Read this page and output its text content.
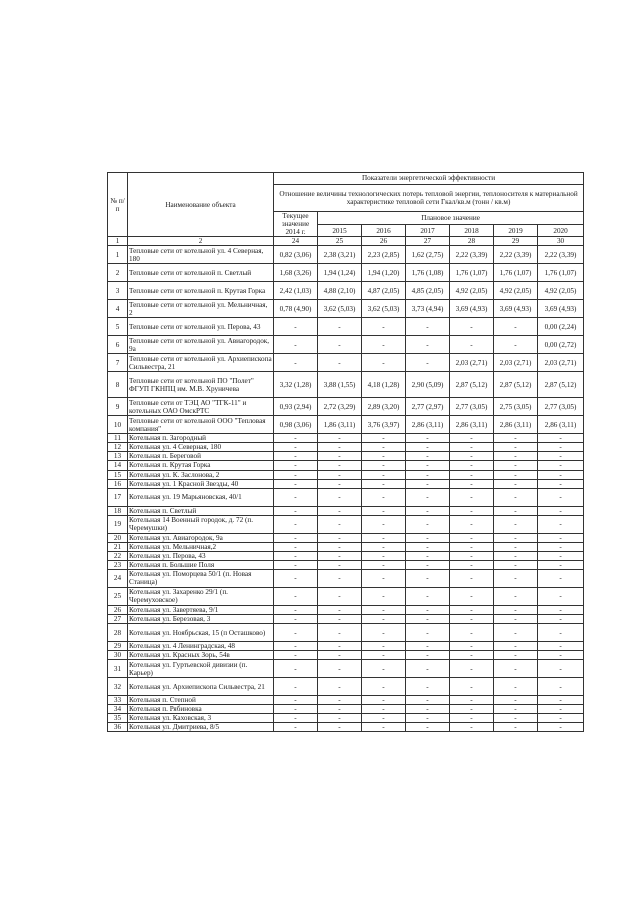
№ п/п	Наименование объекта	Показатели энергетической эффективности						
		Отношение величины технологических потерь тепловой энергии, теплоносителя к материальной характеристике тепловой сети Гкал/кв.м (тонн / кв.м)						
		Текущее значение 2014 г.	Плановое значение					
			2015	2016	2017	2018	2019	2020
1	2	24	25	26	27	28	29	30
1	Тепловые сети от котельной ул. 4 Северная, 180	0,82 (3,06)	2,38 (3,21)	2,23 (2,85)	1,62 (2,75)	2,22 (3,39)	2,22 (3,39)	2,22 (3,39)
2	Тепловые сети от котельной п. Светлый	1,68 (3,26)	1,94 (1,24)	1,94 (1,20)	1,76 (1,08)	1,76 (1,07)	1,76 (1,07)	1,76 (1,07)
3	Тепловые сети от котельной п. Крутая Горка	2,42 (1,03)	4,88 (2,10)	4,87 (2,05)	4,85 (2,05)	4,92 (2,05)	4,92 (2,05)	4,92 (2,05)
4	Тепловые сети от котельной ул. Мельничная, 2	0,78 (4,90)	3,62 (5,03)	3,62 (5,03)	3,73 (4,94)	3,69 (4,93)	3,69 (4,93)	3,69 (4,93)
5	Тепловые сети от котельной ул. Перова, 43	-	-	-	-	-	-	0,00 (2,24)
6	Тепловые сети от котельной ул. Авиагородок, 9а	-	-	-	-	-	-	0,00 (2,72)
7	Тепловые сети от котельной ул. Архиепископа Сильвестра, 21	-	-	-	-	2,03 (2,71)	2,03 (2,71)	2,03 (2,71)
8	Тепловые сети от котельной ПО "Полет" ФГУП ГКНПЦ им. М.В. Хруничева	3,32 (1,28)	3,88 (1,55)	4,18 (1,28)	2,90 (5,09)	2,87 (5,12)	2,87 (5,12)	2,87 (5,12)
9	Тепловые сети от ТЭЦ АО "ТГК-11" и котельных ОАО ОмскРТС	0,93 (2,94)	2,72 (3,29)	2,89 (3,20)	2,77 (2,97)	2,77 (3,05)	2,75 (3,05)	2,77 (3,05)
10	Тепловые сети от котельной ООО "Тепловая компания"	0,98 (3,06)	1,86 (3,11)	3,76 (3,97)	2,86 (3,11)	2,86 (3,11)	2,86 (3,11)	2,86 (3,11)
11	Котельная п. Загородный	-	-	-	-	-	-	-
12	Котельная ул. 4 Северная, 180	-	-	-	-	-	-	-
13	Котельная п. Береговой	-	-	-	-	-	-	-
14	Котельная п. Крутая Горка	-	-	-	-	-	-	-
15	Котельная ул. К. Заслонова, 2	-	-	-	-	-	-	-
16	Котельная ул. 1 Красной Звезды, 40	-	-	-	-	-	-	-
17	Котельная ул. 19 Марьяновская, 40/1	-	-	-	-	-	-	-
18	Котельная п. Светлый	-	-	-	-	-	-	-
19	Котельная 14 Военный городок, д. 72 (п. Черемушки)	-	-	-	-	-	-	-
20	Котельная ул. Авиагородок, 9а	-	-	-	-	-	-	-
21	Котельная ул. Мельничная,2	-	-	-	-	-	-	-
22	Котельная ул. Перова, 43	-	-	-	-	-	-	-
23	Котельная п. Большие Поля	-	-	-	-	-	-	-
24	Котельная ул. Поморцева 50/1 (п. Новая Станица)	-	-	-	-	-	-	-
25	Котельная ул. Захаренко 29/1 (п. Черемуховское)	-	-	-	-	-	-	-
26	Котельная ул. Завертяева, 9/1	-	-	-	-	-	-	-
27	Котельная ул. Березовая, 3	-	-	-	-	-	-	-
28	Котельная ул. Ноябрьская, 15 (п Осташково)	-	-	-	-	-	-	-
29	Котельная ул. 4 Ленинградская, 48	-	-	-	-	-	-	-
30	Котельная ул. Красных Зорь, 54в	-	-	-	-	-	-	-
31	Котельная ул. Гуртьевской дивизии (п. Карьер)	-	-	-	-	-	-	-
32	Котельная ул. Архиепископа Сильвестра, 21	-	-	-	-	-	-	-
33	Котельная п. Степной	-	-	-	-	-	-	-
34	Котельная п. Рябиновка	-	-	-	-	-	-	-
35	Котельная ул. Каховская, 3	-	-	-	-	-	-	-
36	Котельная ул. Дмитриева, 8/5	-	-	-	-	-	-	-
